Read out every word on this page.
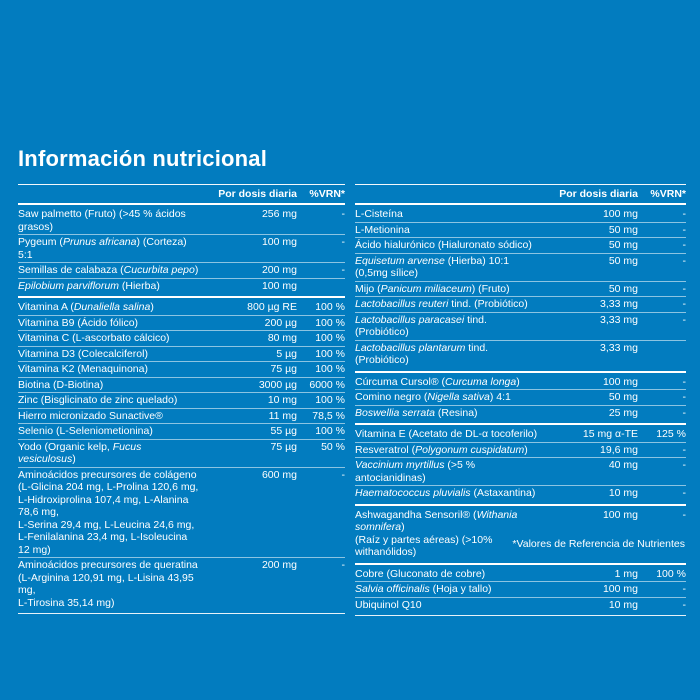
Información nutricional
Por dosis diaria	%VRN*
Saw palmetto (Fruto) (>45 % ácidos grasos)
256 mg	-
Pygeum (Prunus africana) (Corteza) 5:1
100 mg	-
Semillas de calabaza (Cucurbita pepo)	200 mg	-
Epilobium parviflorum (Hierba)	100 mg
Vitamina A (Dunaliella salina)	800 µg RE	100 %
Vitamina B9 (Ácido fólico)	200 µg	100 %
Vitamina C (L-ascorbato cálcico)	80 mg	100 %
Vitamina D3 (Colecalciferol)	5 µg	100 %
Vitamina K2 (Menaquinona)	75 µg	100 %
Biotina (D-Biotina)	3000 µg	6000 %
Zinc (Bisglicinato de zinc quelado)	10 mg	100 %
Hierro micronizado Sunactive®	11 mg	78,5 %
Selenio (L-Seleniometionina)	55 µg	100 %
Yodo (Organic kelp, Fucus vesiculosus)
75 µg	50 %
Aminoácidos precursores de colágeno
(L-Glicina 204 mg, L-Prolina 120,6 mg,
L-Hidroxiprolina 107,4 mg, L-Alanina 78,6 mg,
L-Serina 29,4 mg, L-Leucina 24,6 mg,
L-Fenilalanina 23,4 mg, L-Isoleucina 12 mg)
600 mg	-
Aminoácidos precursores de queratina
(L-Arginina 120,91 mg, L-Lisina 43,95 mg,
L-Tirosina 35,14 mg)
200 mg	-
Por dosis diaria	%VRN*
L-Cisteína	100 mg	-
L-Metionina	50 mg	-
Ácido hialurónico (Hialuronato sódico)	50 mg	-
Equisetum arvense (Hierba) 10:1 (0,5mg sílice)
50 mg	-
Mijo (Panicum miliaceum) (Fruto)	50 mg	-
Lactobacillus reuteri tind. (Probiótico)	3,33 mg	-
Lactobacillus paracasei tind. (Probiótico)
3,33 mg	-
Lactobacillus plantarum tind. (Probiótico)
3,33 mg
Cúrcuma Cursol® (Curcuma longa)	100 mg	-
Comino negro (Nigella sativa) 4:1	50 mg	-
Boswellia serrata (Resina)	25 mg	-
Vitamina E (Acetato de DL-α tocoferilo)	15 mg α-TE	125 %
Resveratrol (Polygonum cuspidatum)	19,6 mg	-
Vaccinium myrtillus (>5 % antocianidinas)
40 mg	-
Haematococcus pluvialis (Astaxantina)	10 mg	-
Ashwagandha Sensoril® (Withania somnifera)
(Raíz y partes aéreas) (>10% withanólidos)
100 mg	-
Cobre (Gluconato de cobre)	1 mg	100 %
Salvia officinalis (Hoja y tallo)	100 mg	-
Ubiquinol Q10	10 mg	-
*Valores de Referencia de Nutrientes
